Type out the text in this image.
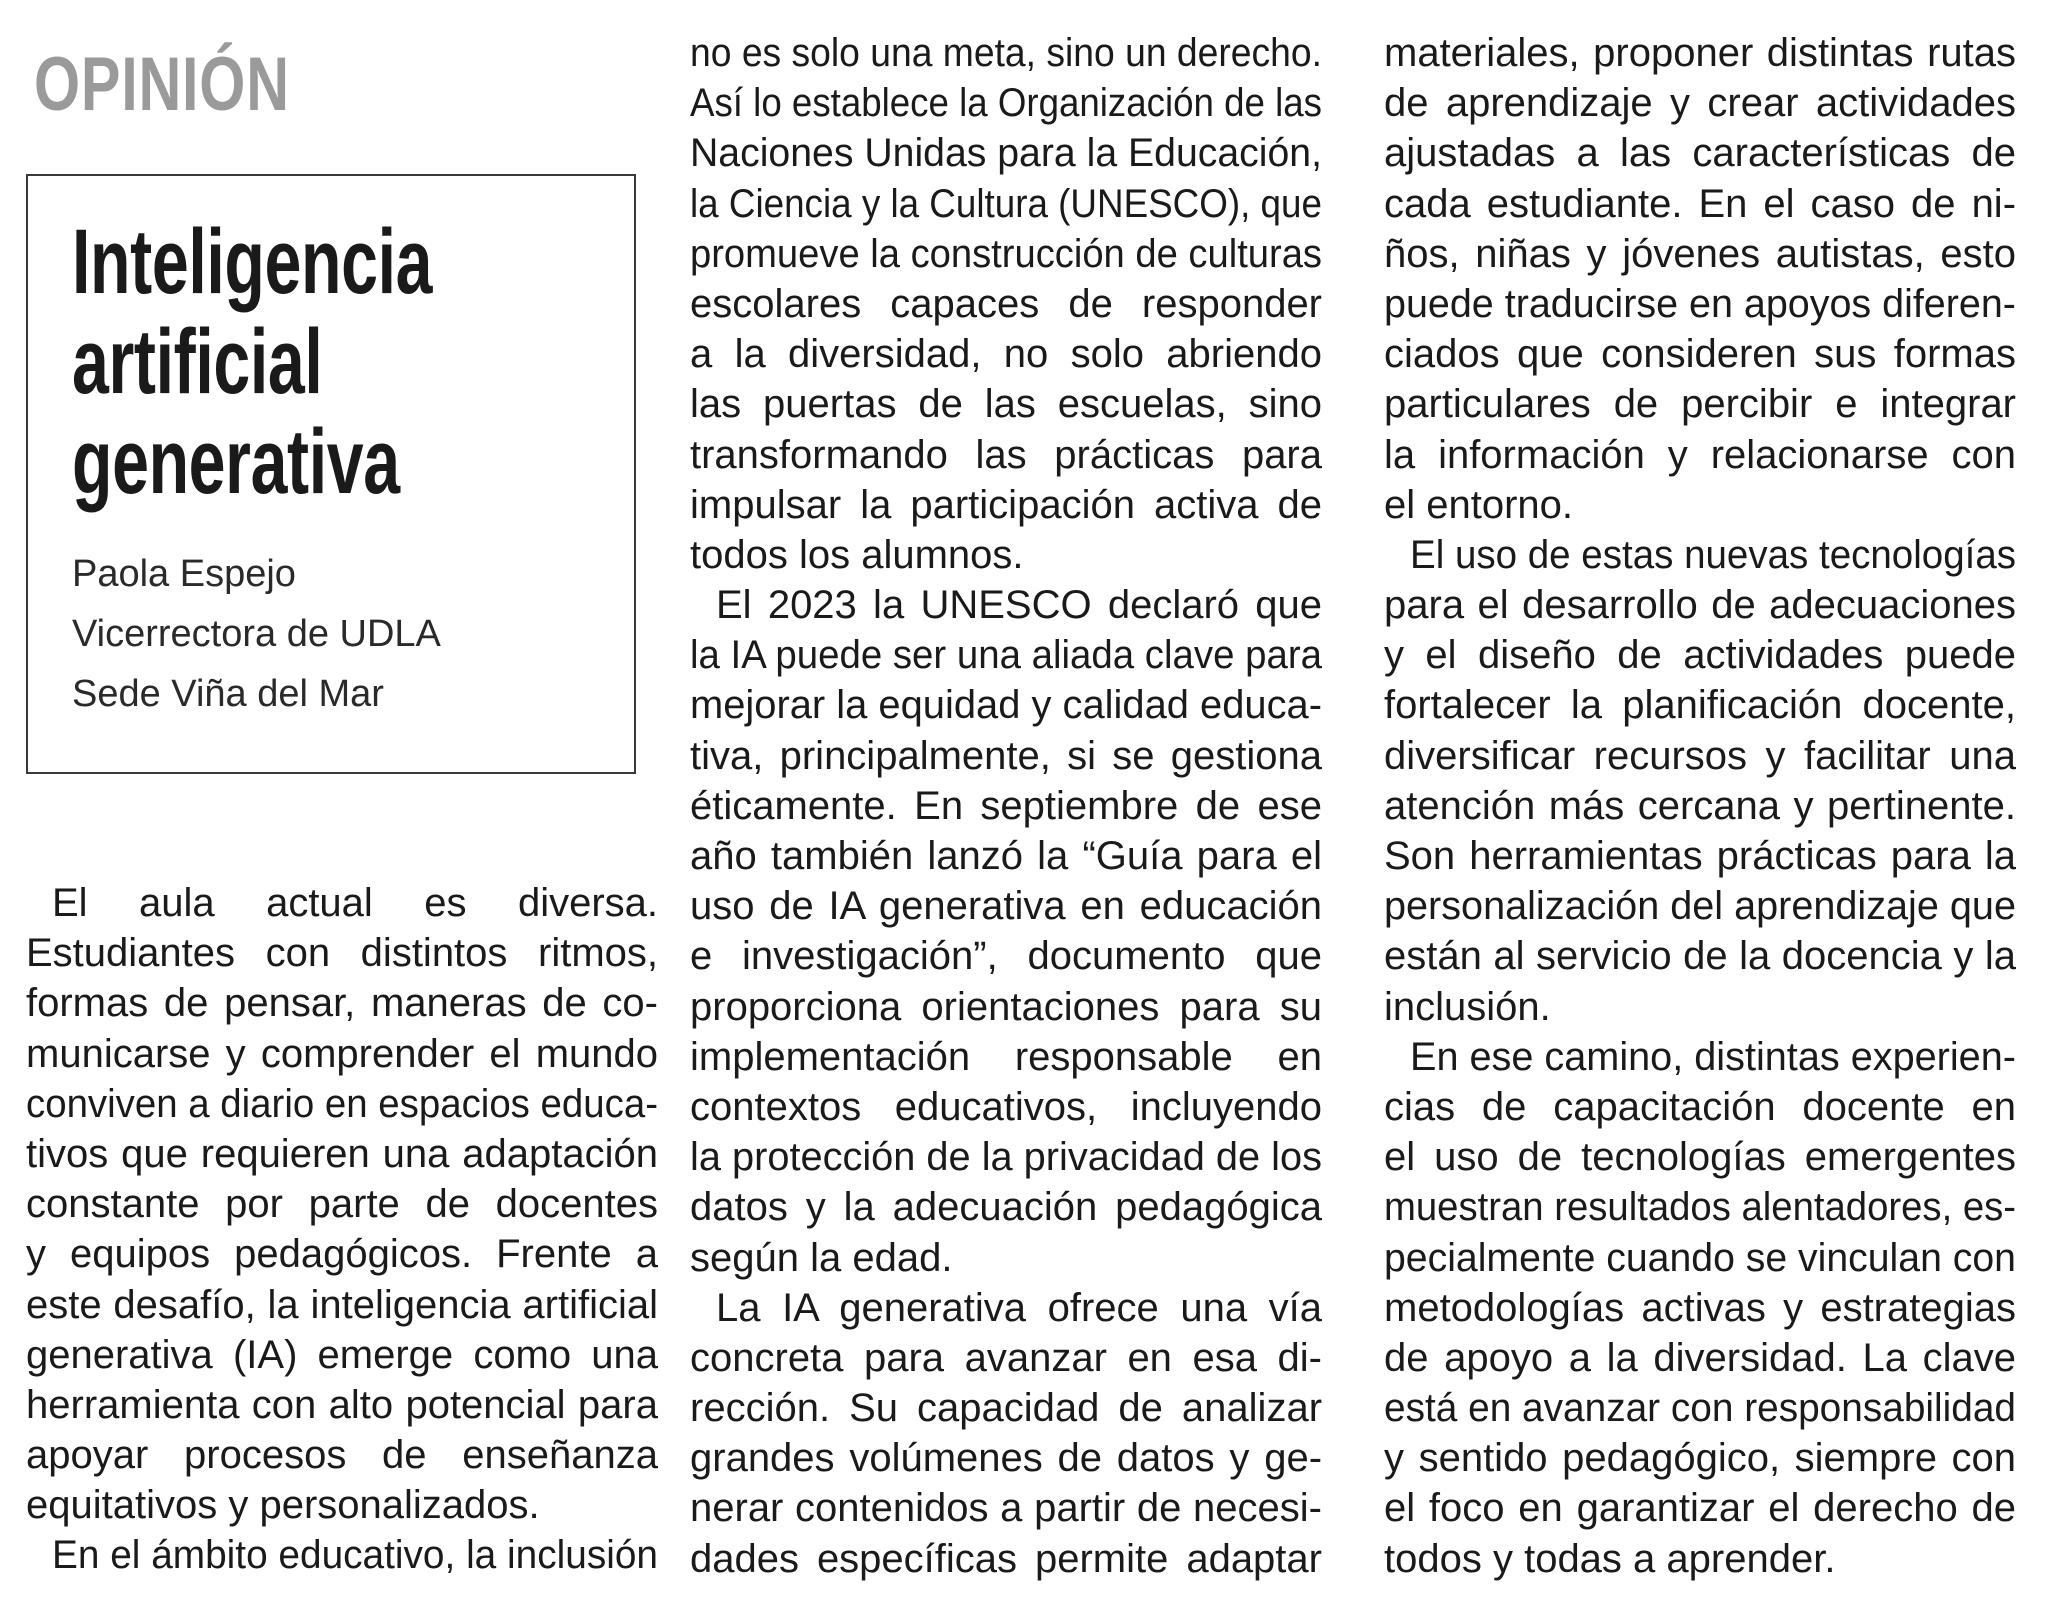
OPINIÓN
Inteligencia
artificial
generativa
Paola Espejo
Vicerrectora de UDLA
Sede Viña del Mar
El aula actual es diversa.
Estudiantes con distintos ritmos,
formas de pensar, maneras de co-
municarse y comprender el mundo
conviven a diario en espacios educa-
tivos que requieren una adaptación
constante por parte de docentes
y equipos pedagógicos. Frente a
este desafío, la inteligencia artificial
generativa (IA) emerge como una
herramienta con alto potencial para
apoyar procesos de enseñanza
equitativos y personalizados.
En el ámbito educativo, la inclusión
no es solo una meta, sino un derecho.
Así lo establece la Organización de las
Naciones Unidas para la Educación,
la Ciencia y la Cultura (UNESCO), que
promueve la construcción de culturas
escolares capaces de responder
a la diversidad, no solo abriendo
las puertas de las escuelas, sino
transformando las prácticas para
impulsar la participación activa de
todos los alumnos.
El 2023 la UNESCO declaró que
la IA puede ser una aliada clave para
mejorar la equidad y calidad educa-
tiva, principalmente, si se gestiona
éticamente. En septiembre de ese
año también lanzó la “Guía para el
uso de IA generativa en educación
e investigación”, documento que
proporciona orientaciones para su
implementación responsable en
contextos educativos, incluyendo
la protección de la privacidad de los
datos y la adecuación pedagógica
según la edad.
La IA generativa ofrece una vía
concreta para avanzar en esa di-
rección. Su capacidad de analizar
grandes volúmenes de datos y ge-
nerar contenidos a partir de necesi-
dades específicas permite adaptar
materiales, proponer distintas rutas
de aprendizaje y crear actividades
ajustadas a las características de
cada estudiante. En el caso de ni-
ños, niñas y jóvenes autistas, esto
puede traducirse en apoyos diferen-
ciados que consideren sus formas
particulares de percibir e integrar
la información y relacionarse con
el entorno.
El uso de estas nuevas tecnologías
para el desarrollo de adecuaciones
y el diseño de actividades puede
fortalecer la planificación docente,
diversificar recursos y facilitar una
atención más cercana y pertinente.
Son herramientas prácticas para la
personalización del aprendizaje que
están al servicio de la docencia y la
inclusión.
En ese camino, distintas experien-
cias de capacitación docente en
el uso de tecnologías emergentes
muestran resultados alentadores, es-
pecialmente cuando se vinculan con
metodologías activas y estrategias
de apoyo a la diversidad. La clave
está en avanzar con responsabilidad
y sentido pedagógico, siempre con
el foco en garantizar el derecho de
todos y todas a aprender.
